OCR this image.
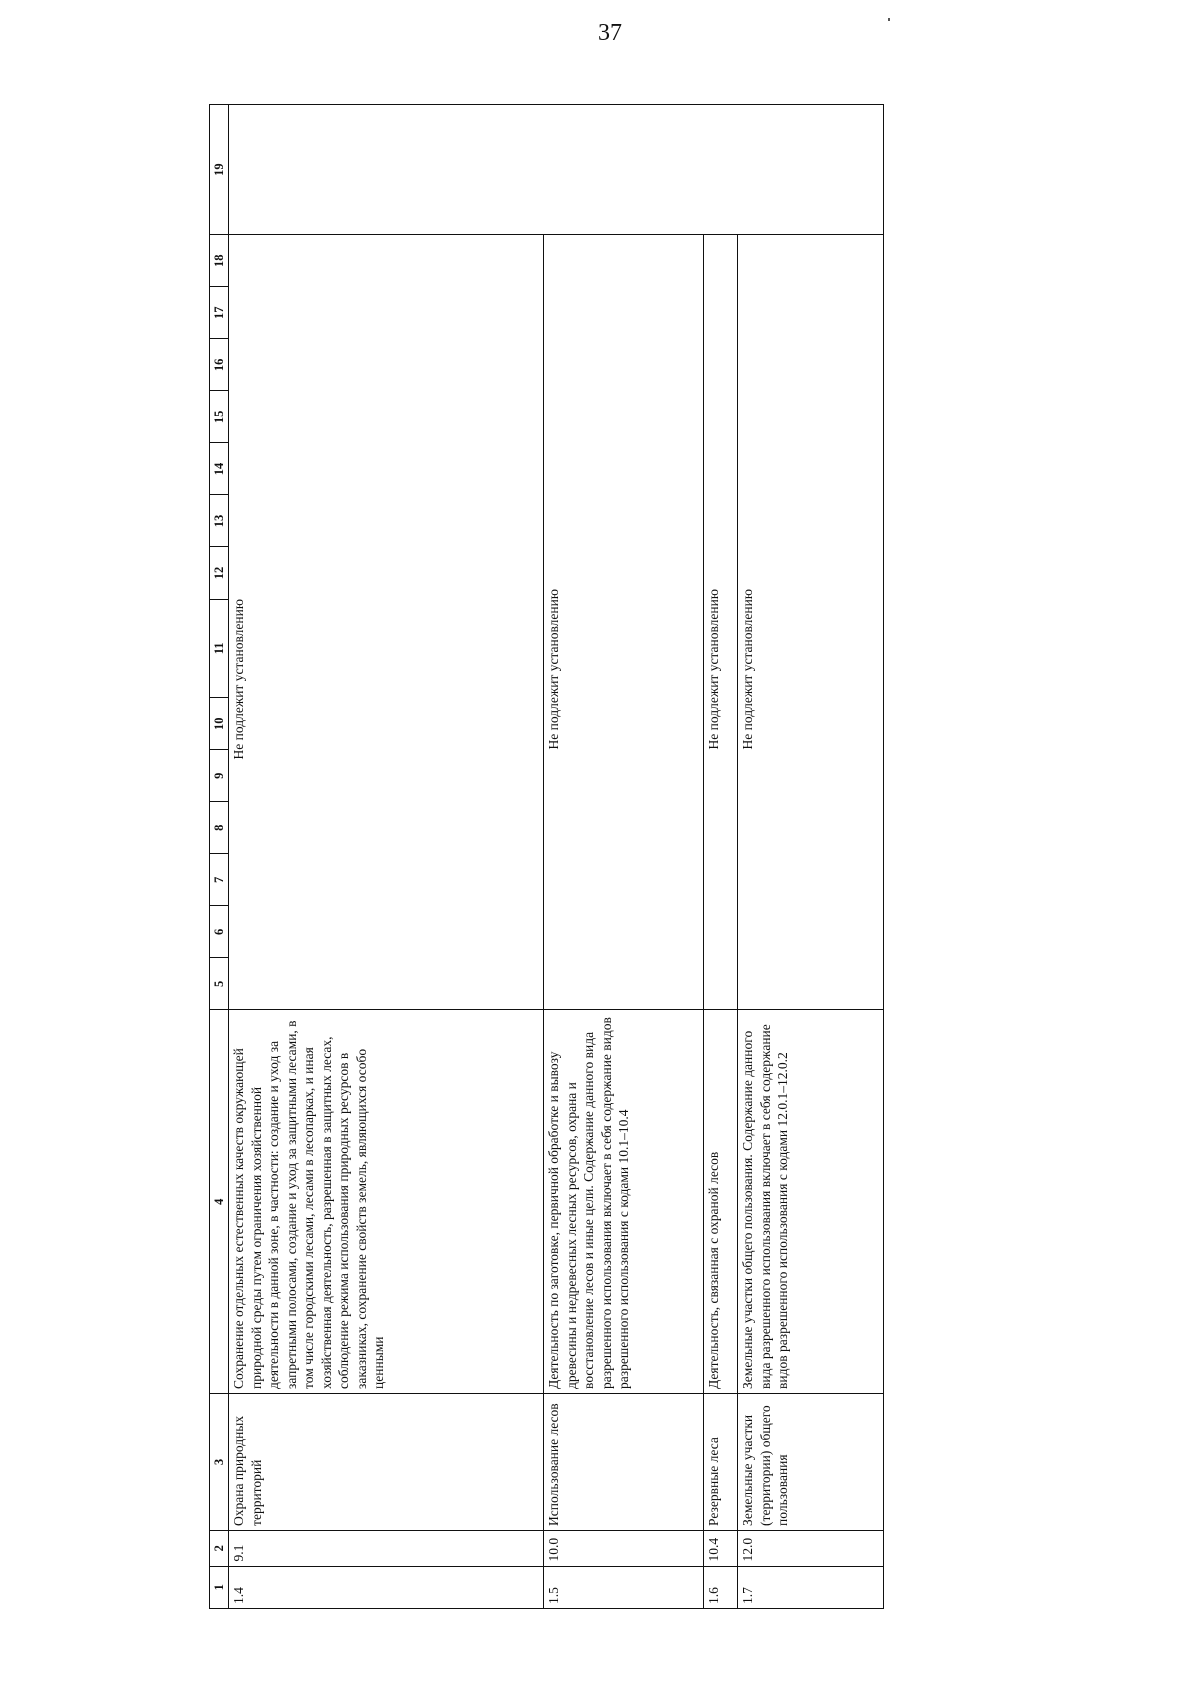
37
1	2	3	4	5	6	7	8	9	10	11	12	13	14	15	16	17	18	19
1.4	9.1	Охрана природных территорий	Сохранение отдельных естественных качеств окружающей природной среды путем ограничения хозяйственной деятельности в данной зоне, в частности: создание и уход за запретными полосами, создание и уход за защитными лесами, в том числе городскими лесами, лесами в лесопарках, и иная хозяйственная деятельность, разрешенная в защитных лесах, соблюдение режима использования природных ресурсов в заказниках, сохранение свойств земель, являющихся особо ценными	Не подлежит установлению														
1.5	10.0	Использование лесов	Деятельность по заготовке, первичной обработке и вывозу древесины и недревесных лесных ресурсов, охрана и восстановление лесов и иные цели. Содержание данного вида разрешенного использования включает в себя содержание видов разрешенного использования с кодами 10.1–10.4	Не подлежит установлению														
1.6	10.4	Резервные леса	Деятельность, связанная с охраной лесов	Не подлежит установлению														
1.7	12.0	Земельные участки (территории) общего пользования	Земельные участки общего пользования. Содержание данного вида разрешенного использования включает в себя содержание видов разрешенного использования с кодами 12.0.1–12.0.2	Не подлежит установлению														
